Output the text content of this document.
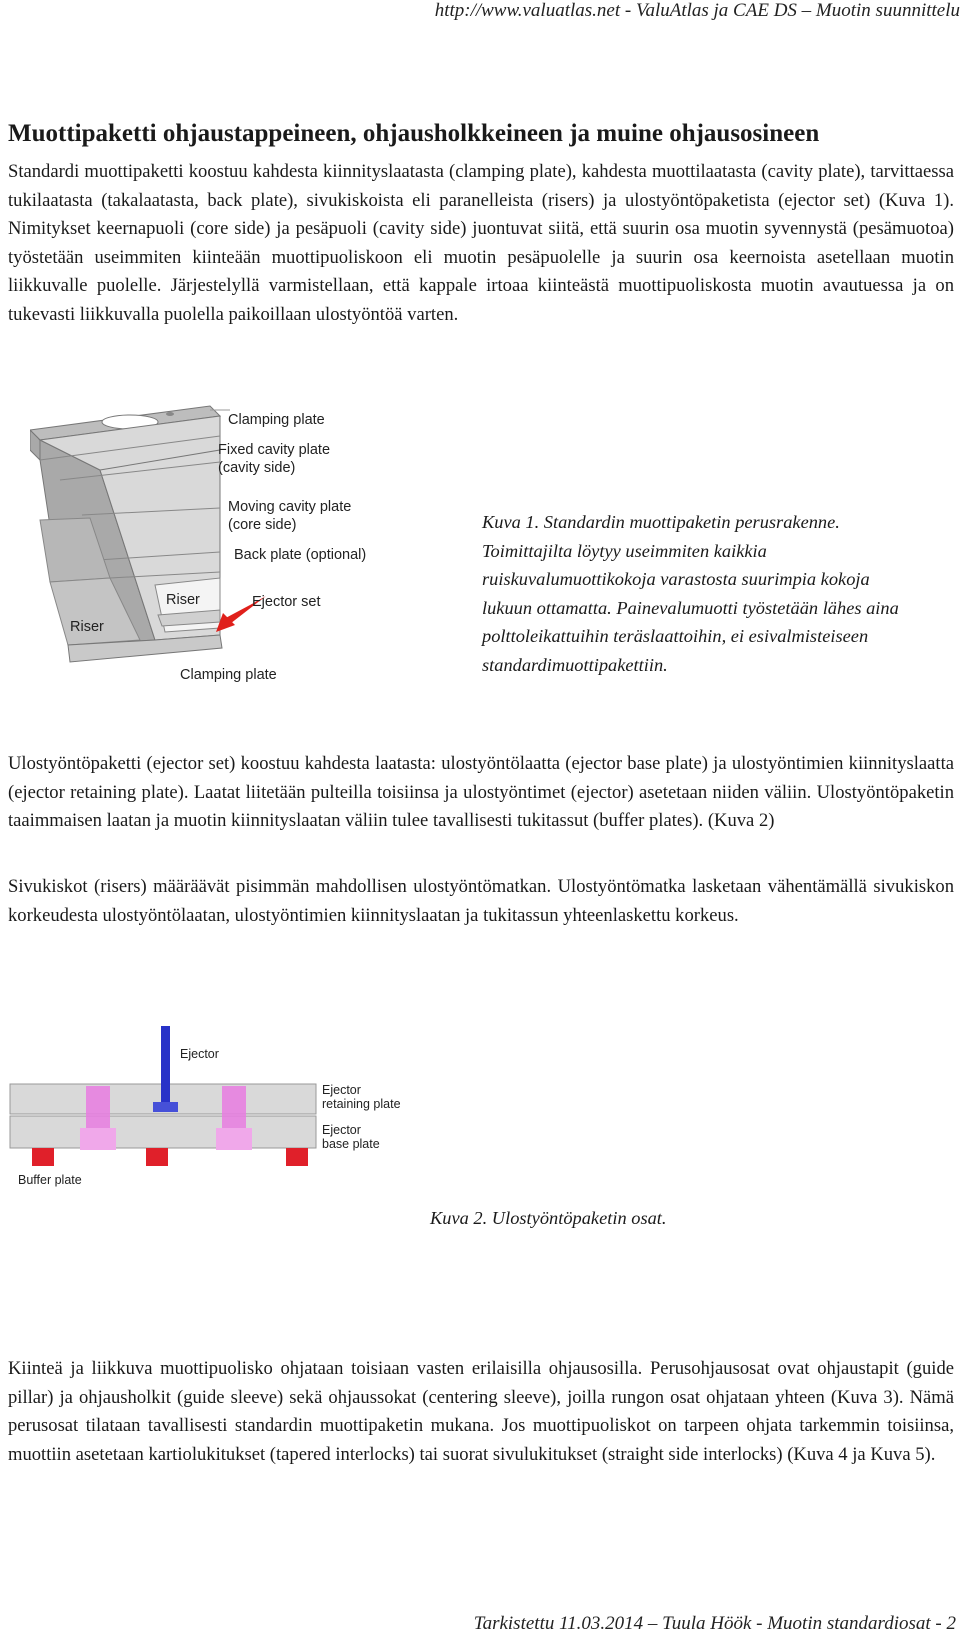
http://www.valuatlas.net - ValuAtlas ja CAE DS – Muotin suunnittelu
Muottipaketti ohjaustappeineen, ohjausholkkeineen ja muine ohjausosineen

Standardi muottipaketti koostuu kahdesta kiinnityslaatasta (clamping plate), kahdesta muottilaatasta (cavity plate), tarvittaessa tukilaatasta (takalaatasta, back plate), sivukiskoista eli paranelleista (risers) ja ulostyöntöpaketista (ejector set) (Kuva 1). Nimitykset keernapuoli (core side) ja pesäpuoli (cavity side) juontuvat siitä, että suurin osa muotin syvennystä (pesämuotoa) työstetään useimmiten kiinteään muottipuoliskoon eli muotin pesäpuolelle ja suurin osa keernoista asetellaan muotin liikkuvalle puolelle. Järjestelyllä varmistellaan, että kappale irtoaa kiinteästä muottipuoliskosta muotin avautuessa ja on tukevasti liikkuvalla puolella paikoillaan ulostyöntöä varten.

Clamping plate
Fixed cavity plate
(cavity side)
Moving cavity plate
(core side)
Back plate (optional)
Ejector set
Riser
Riser
Clamping plate

Kuva 1. Standardin muottipaketin perusrakenne. Toimittajilta löytyy useimmiten kaikkia ruiskuvalumuottikokoja varastosta suurimpia kokoja lukuun ottamatta. Painevalumuotti työstetään lähes aina polttoleikattuihin teräslaattoihin, ei esivalmisteiseen standardimuottipakettiin.

Ulostyöntöpaketti (ejector set) koostuu kahdesta laatasta: ulostyöntölaatta (ejector base plate) ja ulostyöntimien kiinnityslaatta (ejector retaining plate). Laatat liitetään pulteilla toisiinsa ja ulostyöntimet (ejector) asetetaan niiden väliin. Ulostyöntöpaketin taaimmaisen laatan ja muotin kiinnityslaatan väliin tulee tavallisesti tukitassut (buffer plates). (Kuva 2)

Sivukiskot (risers) määräävät pisimmän mahdollisen ulostyöntömatkan. Ulostyöntömatka lasketaan vähentämällä sivukiskon korkeudesta ulostyöntölaatan, ulostyöntimien kiinnityslaatan ja tukitassun yhteenlaskettu korkeus.

Ejector
Ejector
retaining plate
Ejector
base plate
Buffer plate

Kuva 2. Ulostyöntöpaketin osat.

Kiinteä ja liikkuva muottipuolisko ohjataan toisiaan vasten erilaisilla ohjausosilla. Perusohjausosat ovat ohjaustapit (guide pillar) ja ohjausholkit (guide sleeve) sekä ohjaussokat (centering sleeve), joilla rungon osat ohjataan yhteen (Kuva 3). Nämä perusosat tilataan tavallisesti standardin muottipaketin mukana. Jos muottipuoliskot on tarpeen ohjata tarkemmin toisiinsa, muottiin asetetaan kartiolukitukset (tapered interlocks) tai suorat sivulukitukset (straight side interlocks) (Kuva 4 ja Kuva 5).

Tarkistettu 11.03.2014 – Tuula Höök - Muotin standardiosat - 2
